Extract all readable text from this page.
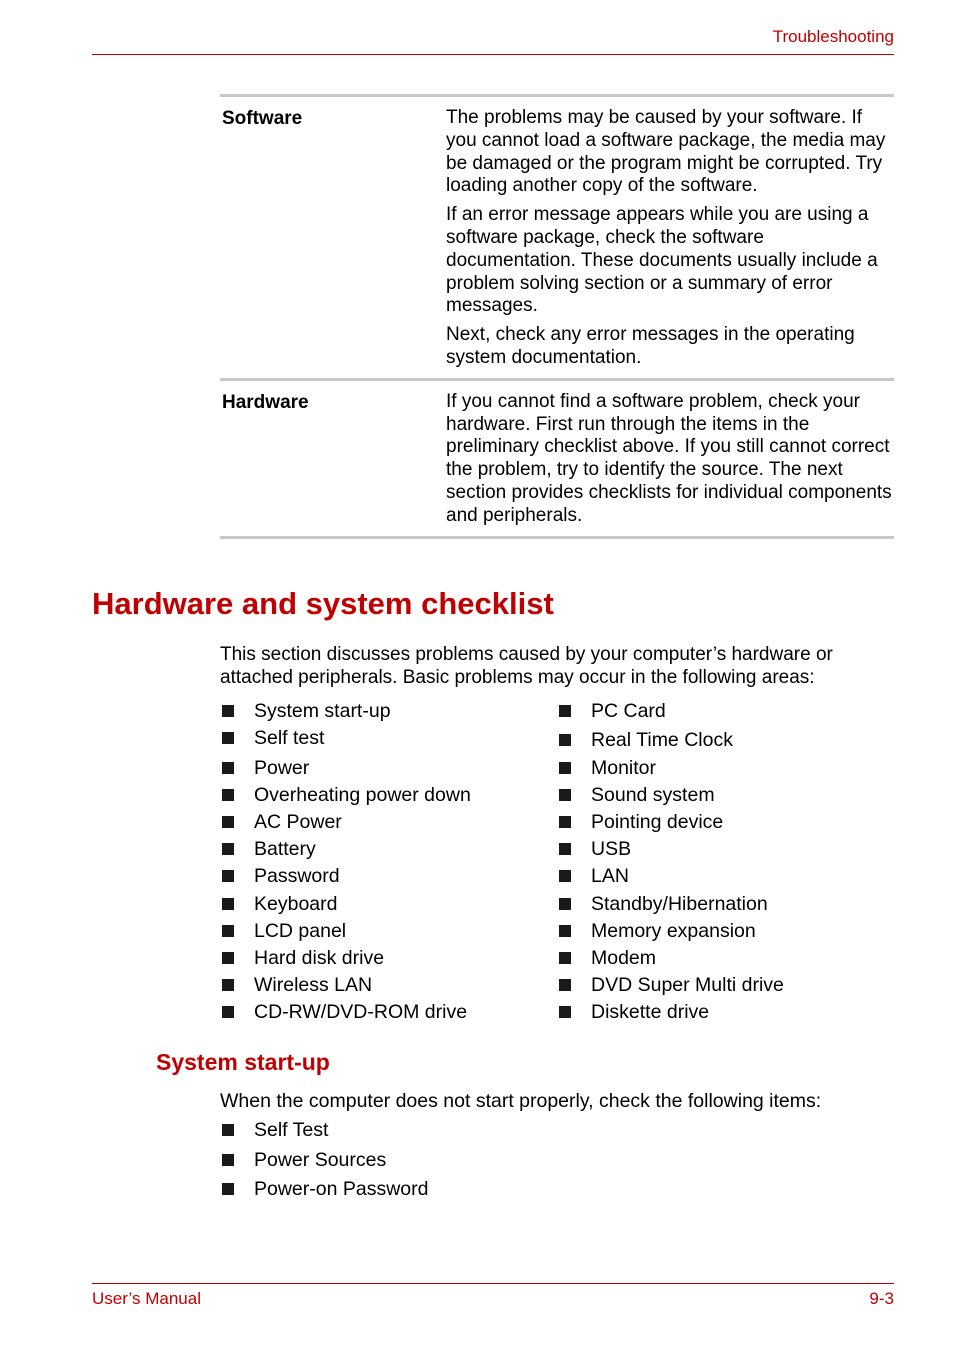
Troubleshooting
Software	The problems may be caused by your software. If you cannot load a software package, the media may be damaged or the program might be corrupted. Try loading another copy of the software.

If an error message appears while you are using a software package, check the software documentation. These documents usually include a problem solving section or a summary of error messages.

Next, check any error messages in the operating system documentation.

Hardware	If you cannot find a software problem, check your hardware. First run through the items in the preliminary checklist above. If you still cannot correct the problem, try to identify the source. The next section provides checklists for individual components and peripherals.

Hardware and system checklist
This section discusses problems caused by your computer’s hardware or attached peripherals. Basic problems may occur in the following areas:
System start-up
Self test
Power
Overheating power down
AC Power
Battery
Password
Keyboard
LCD panel
Hard disk drive
Wireless LAN
CD-RW/DVD-ROM drive
PC Card
Real Time Clock
Monitor
Sound system
Pointing device
USB
LAN
Standby/Hibernation
Memory expansion
Modem
DVD Super Multi drive
Diskette drive
System start-up
When the computer does not start properly, check the following items:
Self Test
Power Sources
Power-on Password
User’s Manual	9-3
